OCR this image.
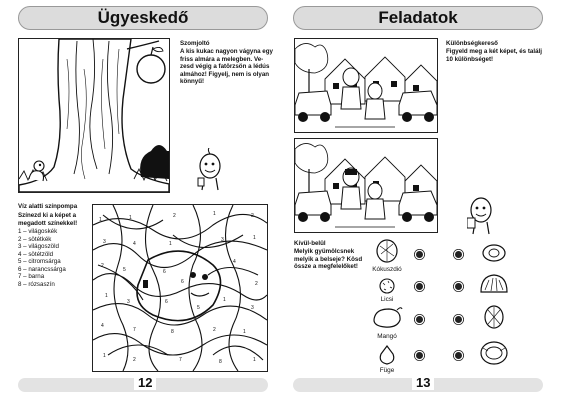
Ügyeskedő
Szomjoltó
A kis kukac nagyon vágyna egy
friss almára a melegben. Ve-
zesd végig a fatörzsön a lédús
almához! Figyelj, nem is olyan
könnyű!
Víz alatti színpompa
Színezd ki a képet a
megadott színekkel!
1 – világoskék
2 – sötétkék
3 – világoszöld
4 – sötétzöld
5 – citromsárga
6 – narancssárga
7 – barna
8 – rózsaszín
1	1	2	1	2
3	4	1
3	1
2
5	6
6
4
2
1
3	6
5
1
3
4
7	8	2	1
1
2	7	8	1
12
Feladatok
Különbségkereső
Figyeld meg a két képet, és találj
10 különbséget!
Kívül-belül
Melyik gyümölcsnek
melyik a belseje? Kösd
össze a megfelelőket!	Kókuszdió
Licsi
Mangó
Füge
13
